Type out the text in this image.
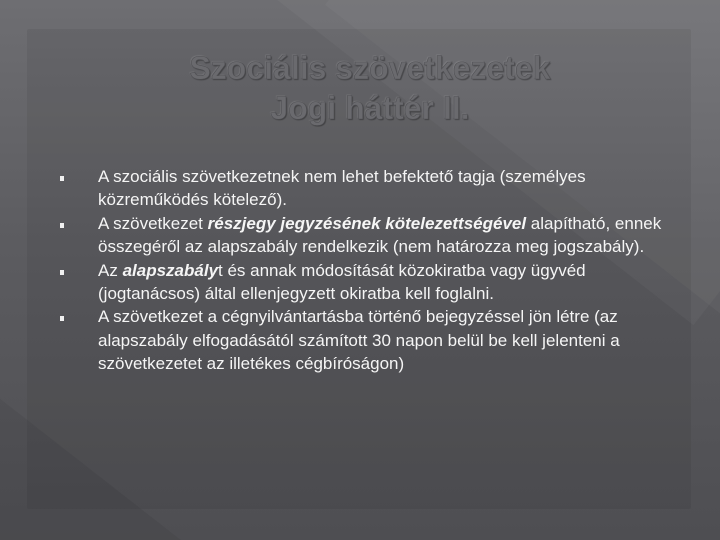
Szociális szövetkezetek
Jogi háttér II.
A szociális szövetkezetnek nem lehet befektető tagja (személyes közreműködés kötelező).
A szövetkezet részjegy jegyzésének kötelezettségével alapítható, ennek összegéről az alapszabály rendelkezik (nem határozza meg jogszabály).
Az alapszabályt és annak módosítását közokiratba vagy ügyvéd (jogtanácsos) által ellenjegyzett okiratba kell foglalni.
A szövetkezet a cégnyilvántartásba történő bejegyzéssel jön létre (az alapszabály elfogadásától számított 30 napon belül be kell jelenteni a szövetkezetet az illetékes cégbíróságon)
